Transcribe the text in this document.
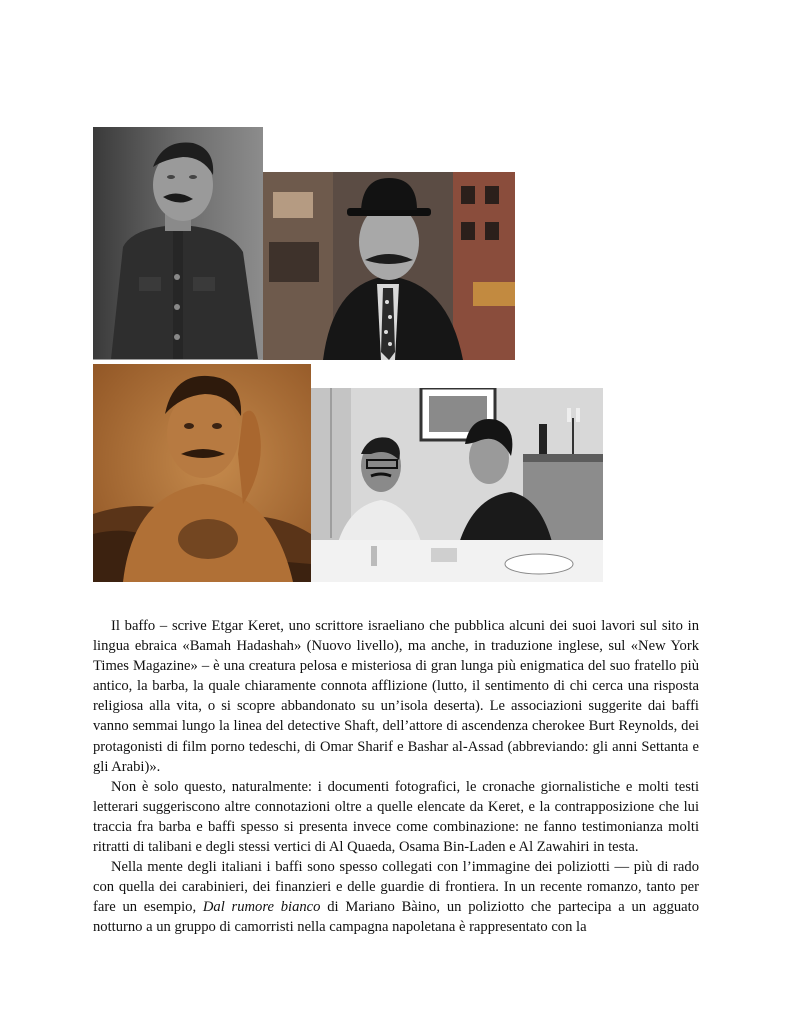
Il baffo – scrive Etgar Keret, uno scrittore israeliano che pubblica alcuni dei suoi lavori sul sito in lingua ebraica «Bamah Hadashah» (Nuovo livello), ma anche, in traduzione inglese, sul «New York Times Magazine» – è una creatura pelosa e misteriosa di gran lunga più enigmatica del suo fratello più antico, la barba, la quale chiaramente connota afflizione (lutto, il sentimento di chi cerca una risposta religiosa alla vita, o si scopre abbandonato su un’isola deserta). Le associazioni suggerite dai baffi vanno semmai lungo la linea del detective Shaft, dell’attore di ascendenza cherokee Burt Reynolds, dei protagonisti di film porno tedeschi, di Omar Sharif e Bashar al-Assad (abbreviando: gli anni Settanta e gli Arabi)».

Non è solo questo, naturalmente: i documenti fotografici, le cronache giornalistiche e molti testi letterari suggeriscono altre connotazioni oltre a quelle elencate da Keret, e la contrapposizione che lui traccia fra barba e baffi spesso si presenta invece come combinazione: ne fanno testimonianza molti ritratti di talibani e degli stessi vertici di Al Quaeda, Osama Bin-Laden e Al Zawahiri in testa.

Nella mente degli italiani i baffi sono spesso collegati con l’immagine dei poliziotti — più di rado con quella dei carabinieri, dei finanzieri e delle guardie di frontiera. In un recente romanzo, tanto per fare un esempio, Dal rumore bianco di Mariano Bàino, un poliziotto che partecipa a un agguato notturno a un gruppo di camorristi nella campagna napoletana è rappresentato con la
